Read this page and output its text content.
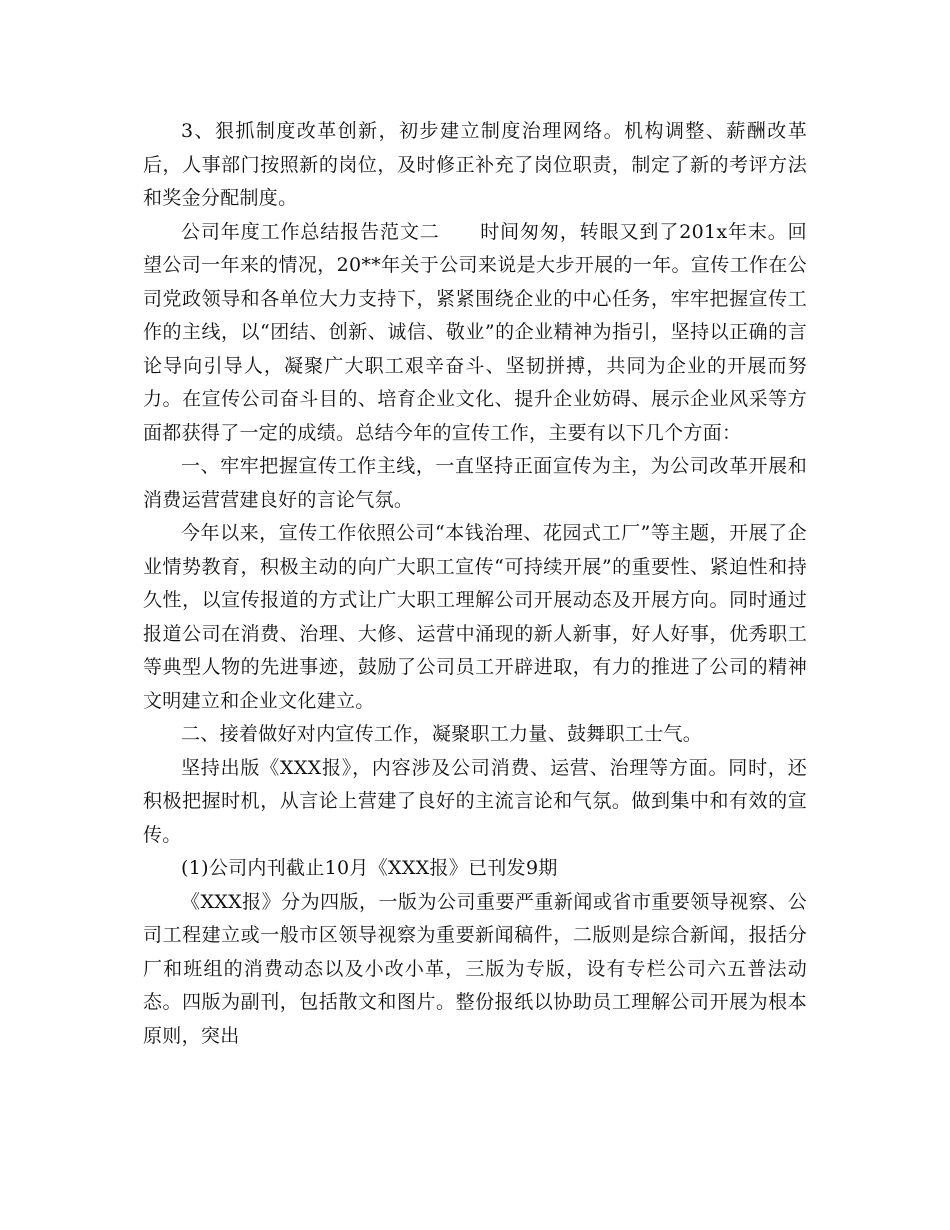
3、狠抓制度改革创新，初步建立制度治理网络。机构调整、薪酬改革后，人事部门按照新的岗位，及时修正补充了岗位职责，制定了新的考评方法和奖金分配制度。

公司年度工作总结报告范文二 时间匆匆，转眼又到了201x年末。回望公司一年来的情况，20**年关于公司来说是大步开展的一年。宣传工作在公司党政领导和各单位大力支持下，紧紧围绕企业的中心任务，牢牢把握宣传工作的主线，以“团结、创新、诚信、敬业”的企业精神为指引，坚持以正确的言论导向引导人，凝聚广大职工艰辛奋斗、坚韧拼搏，共同为企业的开展而努力。在宣传公司奋斗目的、培育企业文化、提升企业妨碍、展示企业风采等方面都获得了一定的成绩。总结今年的宣传工作，主要有以下几个方面：

一、牢牢把握宣传工作主线，一直坚持正面宣传为主，为公司改革开展和消费运营营建良好的言论气氛。

今年以来，宣传工作依照公司“本钱治理、花园式工厂”等主题，开展了企业情势教育，积极主动的向广大职工宣传“可持续开展”的重要性、紧迫性和持久性，以宣传报道的方式让广大职工理解公司开展动态及开展方向。同时通过报道公司在消费、治理、大修、运营中涌现的新人新事，好人好事，优秀职工等典型人物的先进事迹，鼓励了公司员工开辟进取，有力的推进了公司的精神文明建立和企业文化建立。

二、接着做好对内宣传工作，凝聚职工力量、鼓舞职工士气。

坚持出版《XXX报》，内容涉及公司消费、运营、治理等方面。同时，还积极把握时机，从言论上营建了良好的主流言论和气氛。做到集中和有效的宣传。

(1)公司内刊截止10月《XXX报》已刊发9期

《XXX报》分为四版，一版为公司重要严重新闻或省市重要领导视察、公司工程建立或一般市区领导视察为重要新闻稿件，二版则是综合新闻，报括分厂和班组的消费动态以及小改小革，三版为专版，设有专栏公司六五普法动态。四版为副刊，包括散文和图片。整份报纸以协助员工理解公司开展为根本原则，突出
